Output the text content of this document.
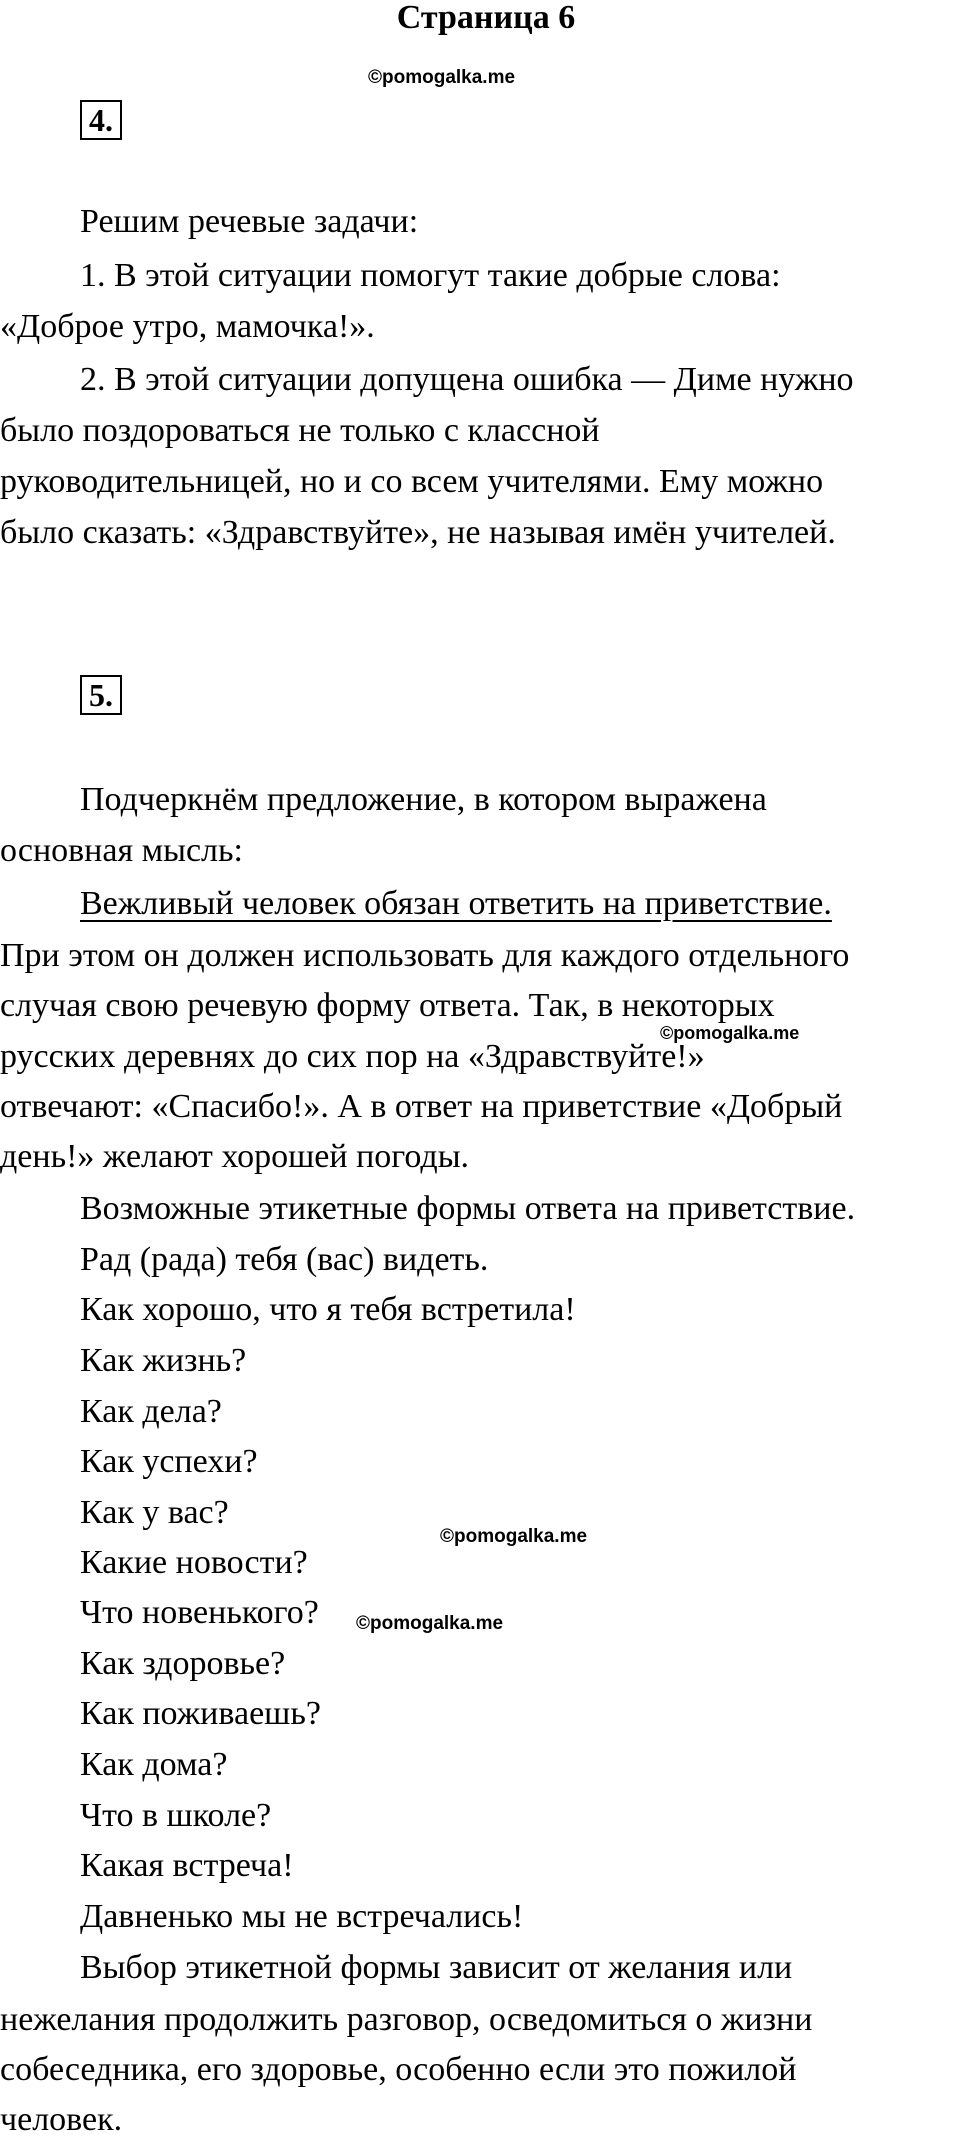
Страница 6
©pomogalka.me
4.
Решим речевые задачи:
1. В этой ситуации помогут такие добрые слова:
«Доброе утро, мамочка!».
2. В этой ситуации допущена ошибка — Диме нужно
было поздороваться не только с классной
руководительницей, но и со всем учителями. Ему можно
было сказать: «Здравствуйте», не называя имён учителей.
5.
Подчеркнём предложение, в котором выражена
основная мысль:
Вежливый человек обязан ответить на приветствие.
При этом он должен использовать для каждого отдельного
случая свою речевую форму ответа. Так, в некоторых
©pomogalka.me
русских деревнях до сих пор на «Здравствуйте!»
отвечают: «Спасибо!». А в ответ на приветствие «Добрый
день!» желают хорошей погоды.
Возможные этикетные формы ответа на приветствие.
Рад (рада) тебя (вас) видеть.
Как хорошо, что я тебя встретила!
Как жизнь?
Как дела?
Как успехи?
Как у вас?
©pomogalka.me
Какие новости?
Что новенького? ©pomogalka.me
Как здоровье?
Как поживаешь?
Как дома?
Что в школе?
Какая встреча!
Давненько мы не встречались!
Выбор этикетной формы зависит от желания или
нежелания продолжить разговор, осведомиться о жизни
собеседника, его здоровье, особенно если это пожилой
человек.
